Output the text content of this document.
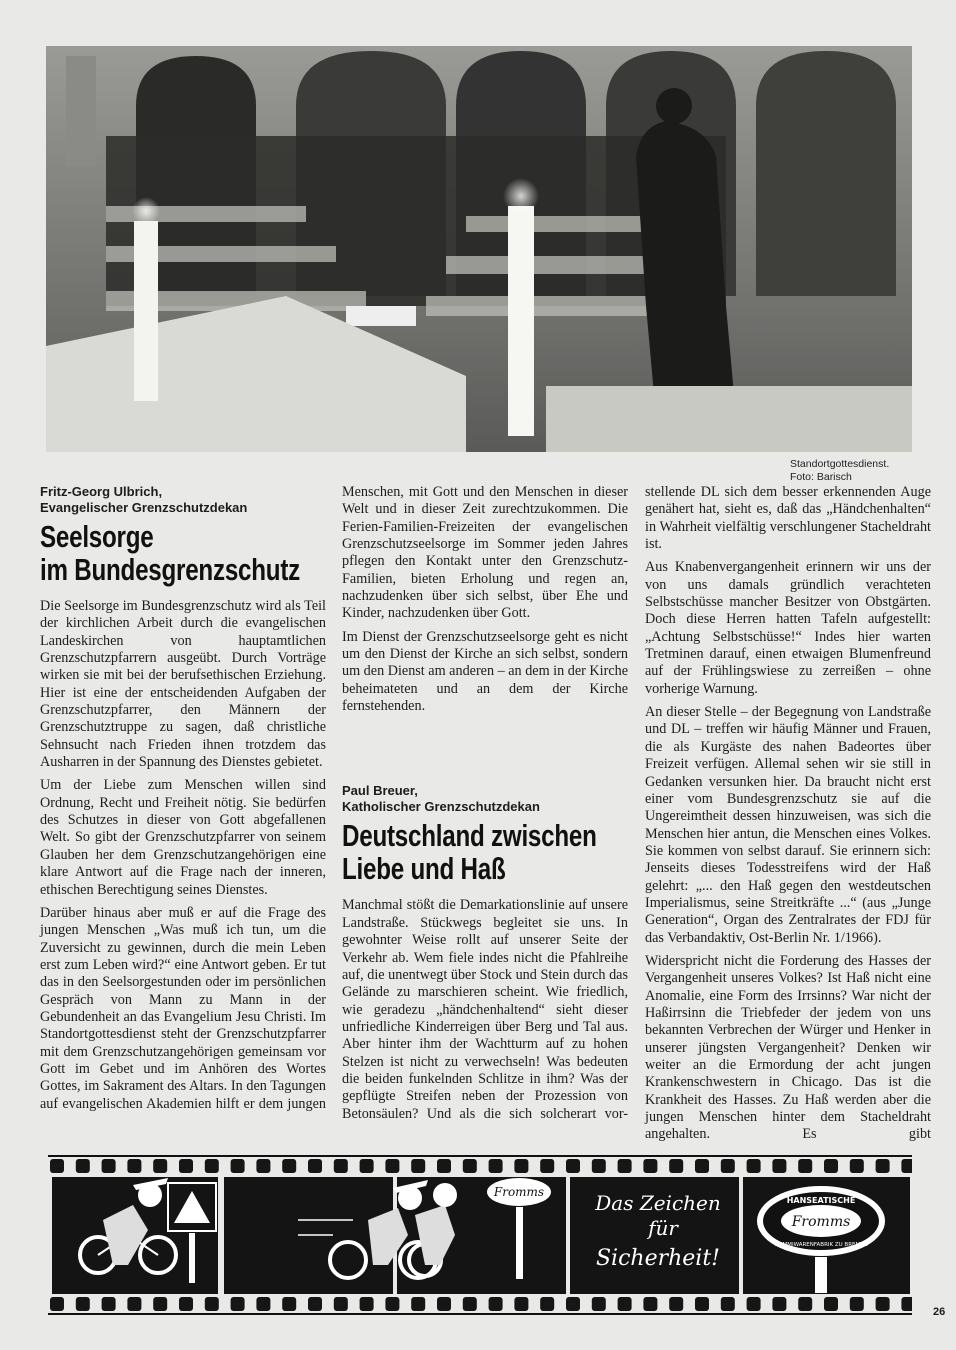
Standortgottesdienst.
Foto: Barisch

Fritz-Georg Ulbrich,

Evangelischer Grenzschutzdekan

Seelsorge
im Bundesgrenzschutz

Die Seelsorge im Bundesgrenzschutz wird als Teil der kirchlichen Arbeit durch die evangelischen Landeskirchen von hauptamtlichen Grenzschutzpfarrern ausgeübt. Durch Vorträge wirken sie mit bei der berufsethischen Erziehung. Hier ist eine der entscheidenden Aufgaben der Grenzschutzpfarrer, den Männern der Grenzschutztruppe zu sagen, daß christliche Sehnsucht nach Frieden ihnen trotzdem das Ausharren in der Spannung des Dienstes gebietet.

Um der Liebe zum Menschen willen sind Ordnung, Recht und Freiheit nötig. Sie bedürfen des Schutzes in dieser von Gott abgefallenen Welt. So gibt der Grenzschutzpfarrer von seinem Glauben her dem Grenzschutzangehörigen eine klare Antwort auf die Frage nach der inneren, ethischen Berechtigung seines Dienstes.

Darüber hinaus aber muß er auf die Frage des jungen Menschen „Was muß ich tun, um die Zuversicht zu gewinnen, durch die mein Leben erst zum Leben wird?“ eine Antwort geben. Er tut das in den Seelsorgestunden oder im persönlichen Gespräch von Mann zu Mann in der Gebundenheit an das Evangelium Jesu Christi. Im Standortgottesdienst steht der Grenzschutzpfarrer mit dem Grenzschutzangehörigen gemeinsam vor Gott im Gebet und im Anhören des Wortes Gottes, im Sakrament des Altars. In den Tagungen auf evangelischen Akademien hilft er dem jungen

Menschen, mit Gott und den Menschen in dieser Welt und in dieser Zeit zurechtzukommen. Die Ferien-Familien-Freizeiten der evangelischen Grenzschutzseelsorge im Sommer jeden Jahres pflegen den Kontakt unter den Grenzschutz-Familien, bieten Erholung und regen an, nachzudenken über sich selbst, über Ehe und Kinder, nachzudenken über Gott.

Im Dienst der Grenzschutzseelsorge geht es nicht um den Dienst der Kirche an sich selbst, sondern um den Dienst am anderen – an dem in der Kirche beheimateten und an dem der Kirche fernstehenden.

Paul Breuer,

Katholischer Grenzschutzdekan

Deutschland zwischen
Liebe und Haß

Manchmal stößt die Demarkationslinie auf unsere Landstraße. Stückwegs begleitet sie uns. In gewohnter Weise rollt auf unserer Seite der Verkehr ab. Wem fiele indes nicht die Pfahlreihe auf, die unentwegt über Stock und Stein durch das Gelände zu marschieren scheint. Wie friedlich, wie geradezu „händchenhaltend“ sieht dieser unfriedliche Kinderreigen über Berg und Tal aus. Aber hinter ihm der Wachtturm auf zu hohen Stelzen ist nicht zu verwechseln! Was bedeuten die beiden funkelnden Schlitze in ihm? Was der gepflügte Streifen neben der Prozession von Betonsäulen? Und als die sich solcherart vor-

stellende DL sich dem besser erkennenden Auge genähert hat, sieht es, daß das „Händchenhalten“ in Wahrheit vielfältig verschlungener Stacheldraht ist.

Aus Knabenvergangenheit erinnern wir uns der von uns damals gründlich verachteten Selbstschüsse mancher Besitzer von Obstgärten. Doch diese Herren hatten Tafeln aufgestellt: „Achtung Selbstschüsse!“ Indes hier warten Tretminen darauf, einen etwaigen Blumenfreund auf der Frühlingswiese zu zerreißen – ohne vorherige Warnung.

An dieser Stelle – der Begegnung von Landstraße und DL – treffen wir häufig Männer und Frauen, die als Kurgäste des nahen Badeortes über Freizeit verfügen. Allemal sehen wir sie still in Gedanken versunken hier. Da braucht nicht erst einer vom Bundesgrenzschutz sie auf die Ungereimtheit dessen hinzuweisen, was sich die Menschen hier antun, die Menschen eines Volkes. Sie kommen von selbst darauf. Sie erinnern sich: Jenseits dieses Todesstreifens wird der Haß gelehrt: „... den Haß gegen den westdeutschen Imperialismus, seine Streitkräfte ...“ (aus „Junge Generation“, Organ des Zentralrates der FDJ für das Verbandaktiv, Ost-Berlin Nr. 1/1966).

Widerspricht nicht die Forderung des Hasses der Vergangenheit unseres Volkes? Ist Haß nicht eine Anomalie, eine Form des Irrsinns? War nicht der Haßirrsinn die Triebfeder der jedem von uns bekannten Verbrechen der Würger und Henker in unserer jüngsten Vergangenheit? Denken wir weiter an die Ermordung der acht jungen Krankenschwestern in Chicago. Das ist die Krankheit des Hasses. Zu Haß werden aber die jungen Menschen hinter dem Stacheldraht angehalten. Es gibt

Fromms	Das Zeichen
für
Sicherheit!
Fromms
HANSEATISCHE
GUMMIWARENFABRIK ZU BREMEN
26
